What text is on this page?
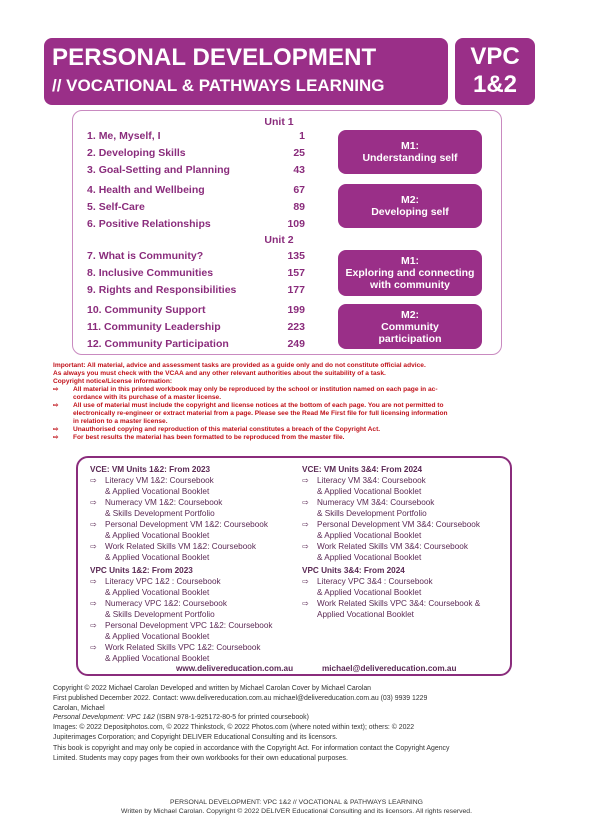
PERSONAL DEVELOPMENT
// VOCATIONAL & PATHWAYS LEARNING
VPC
1&2
Unit 1
1. Me, Myself, I	1
2. Developing Skills	25
3. Goal-Setting and Planning	43
4. Health and Wellbeing	67
5. Self-Care	89
6. Positive Relationships	109
Unit 2
7. What is Community?	135
8. Inclusive Communities	157
9. Rights and Responsibilities	177
10. Community Support	199
11. Community Leadership	223
12. Community Participation	249
M1:
Understanding self
M2:
Developing self
M1:
Exploring and connecting
with community
M2:
Community
participation
Important: All material, advice and assessment tasks are provided as a guide only and do not constitute official advice.
As always you must check with the VCAA and any other relevant authorities about the suitability of a task.
Copyright notice/License information:
⇨ All material in this printed workbook may only be reproduced by the school or institution named on each page in ac-
cordance with its purchase of a master license.
⇨ All use of material must include the copyright and license notices at the bottom of each page. You are not permitted to
electronically re-engineer or extract material from a page. Please see the Read Me First file for full licensing information
in relation to a master license.
⇨ Unauthorised copying and reproduction of this material constitutes a breach of the Copyright Act.
⇨ For best results the material has been formatted to be reproduced from the master file.
VCE: VM Units 1&2: From 2023
⇨ Literacy VM 1&2: Coursebook
& Applied Vocational Booklet
⇨ Numeracy VM 1&2: Coursebook
& Skills Development Portfolio
⇨ Personal Development VM 1&2: Coursebook
& Applied Vocational Booklet
⇨ Work Related Skills VM 1&2: Coursebook
& Applied Vocational Booklet
VPC Units 1&2: From 2023
⇨ Literacy VPC 1&2 : Coursebook
& Applied Vocational Booklet
⇨ Numeracy VPC 1&2: Coursebook
& Skills Development Portfolio
⇨ Personal Development VPC 1&2: Coursebook
& Applied Vocational Booklet
⇨ Work Related Skills VPC 1&2: Coursebook
& Applied Vocational Booklet
VCE: VM Units 3&4: From 2024
⇨ Literacy VM 3&4: Coursebook
& Applied Vocational Booklet
⇨ Numeracy VM 3&4: Coursebook
& Skills Development Portfolio
⇨ Personal Development VM 3&4: Coursebook
& Applied Vocational Booklet
⇨ Work Related Skills VM 3&4: Coursebook
& Applied Vocational Booklet
VPC Units 3&4: From 2024
⇨ Literacy VPC 3&4 : Coursebook
& Applied Vocational Booklet
⇨ Work Related Skills VPC 3&4: Coursebook &
Applied Vocational Booklet
www.delivereducation.com.au	michael@delivereducation.com.au

Copyright © 2022 Michael Carolan Developed and written by Michael Carolan Cover by Michael Carolan

First published December 2022. Contact: www.delivereducation.com.au michael@delivereducation.com.au (03) 9939 1229

Carolan, Michael

Personal Development: VPC 1&2 (ISBN 978-1-925172-80-5 for printed coursebook)

Images: © 2022 Depositphotos.com, © 2022 Thinkstock, © 2022 Photos.com (where noted within text); others: © 2022

Jupiterimages Corporation; and Copyright DELIVER Educational Consulting and its licensors.

This book is copyright and may only be copied in accordance with the Copyright Act. For information contact the Copyright Agency

Limited. Students may copy pages from their own workbooks for their own educational purposes.

PERSONAL DEVELOPMENT: VPC 1&2 // VOCATIONAL & PATHWAYS LEARNING
Written by Michael Carolan. Copyright © 2022 DELIVER Educational Consulting and its licensors. All rights reserved.
